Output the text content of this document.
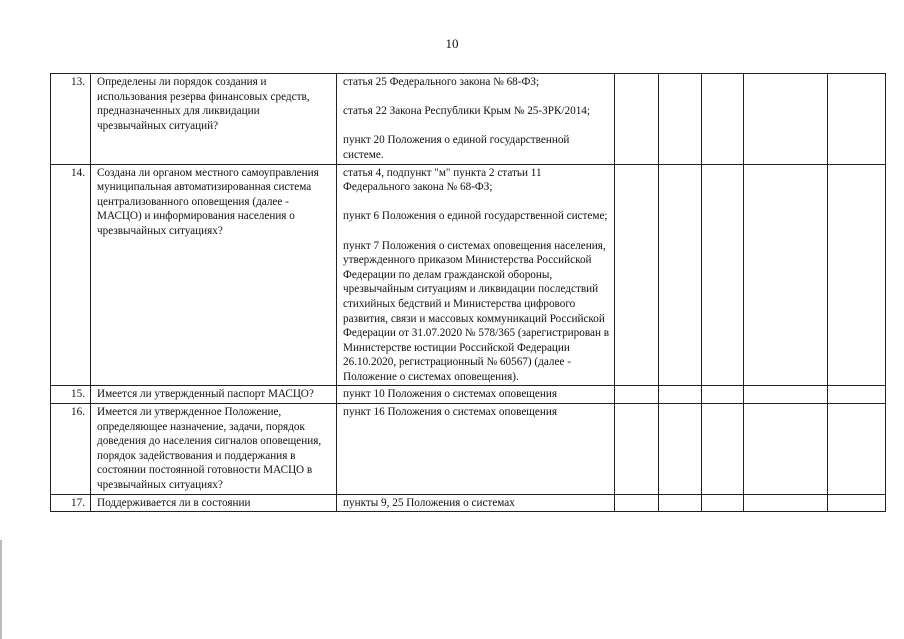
10
13.	Определены ли порядок создания и использования резерва финансовых средств, предназначенных для ликвидации чрезвычайных ситуаций?	статья 25 Федерального закона № 68-ФЗ;

статья 22 Закона Республики Крым № 25-ЗРК/2014;

пункт 20 Положения о единой государственной системе.					

14.	Создана ли органом местного самоуправления муниципальная автоматизированная система централизованного оповещения (далее - МАСЦО) и информирования населения о чрезвычайных ситуациях?	статья 4, подпункт "м" пункта 2 статьи 11 Федерального закона № 68-ФЗ;

пункт 6 Положения о единой государственной системе;

пункт 7 Положения о системах оповещения населения, утвержденного приказом Министерства Российской Федерации по делам гражданской обороны, чрезвычайным ситуациям и ликвидации последствий стихийных бедствий и Министерства цифрового развития, связи и массовых коммуникаций Российской Федерации от 31.07.2020 № 578/365 (зарегистрирован в Министерстве юстиции Российской Федерации 26.10.2020, регистрационный № 60567) (далее - Положение о системах оповещения).					

15.	Имеется ли утвержденный паспорт МАСЦО?	пункт 10 Положения о системах оповещения					

16.	Имеется ли утвержденное Положение, определяющее назначение, задачи, порядок доведения до населения сигналов оповещения, порядок задействования и поддержания в состоянии постоянной готовности МАСЦО в чрезвычайных ситуациях?	пункт 16 Положения о системах оповещения					

17.	Поддерживается ли в состоянии	пункты 9, 25 Положения о системах					
